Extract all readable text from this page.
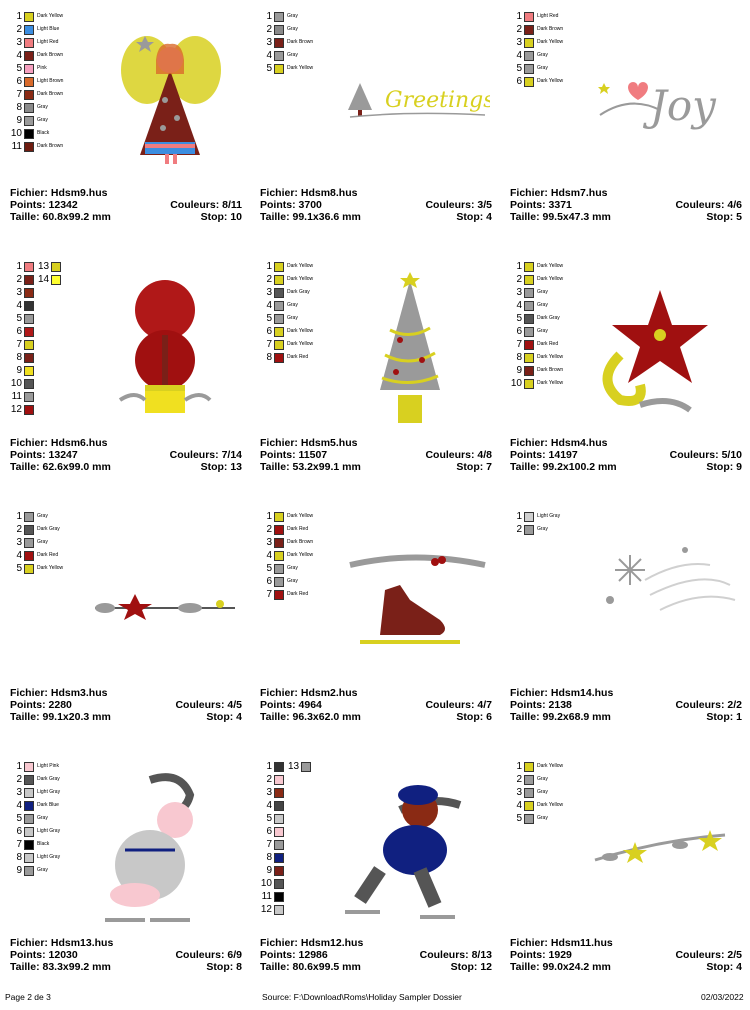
1	Dark Yellow
2	Light Blue
3	Light Red
4	Dark Brown
5	Pink
6	Light Brown
7	Dark Brown
8	Gray
9	Gray
10	Black
11	Dark Brown
Fichier: Hdsm9.hus
Points: 12342	Couleurs: 8/11
Taille: 60.8x99.2 mm	Stop: 10
1	Gray
2	Gray
3	Dark Brown
4	Gray
5	Dark Yellow
Greetings
Fichier: Hdsm8.hus
Points: 3700	Couleurs: 3/5
Taille: 99.1x36.6 mm	Stop: 4
1	Light Red
2	Dark Brown
3	Dark Yellow
4	Gray
5	Gray
6	Dark Yellow Joy
Fichier: Hdsm7.hus
Points: 3371	Couleurs: 4/6
Taille: 99.5x47.3 mm	Stop: 5
1 13
2 14
3
4
5
6
7
8
9
10
11
12
Fichier: Hdsm6.hus
Points: 13247	Couleurs: 7/14
Taille: 62.6x99.0 mm	Stop: 13
1	Dark Yellow
2	Dark Yellow
3	Dark Gray
4	Gray
5	Gray
6	Dark Yellow
7	Dark Yellow
8	Dark Red
Fichier: Hdsm5.hus
Points: 11507	Couleurs: 4/8
Taille: 53.2x99.1 mm	Stop: 7
1	Dark Yellow
2	Dark Yellow
3	Gray
4	Gray
5	Dark Gray
6	Gray
7	Dark Red
8	Dark Yellow
9	Dark Brown
10	Dark Yellow
Fichier: Hdsm4.hus
Points: 14197	Couleurs: 5/10
Taille: 99.2x100.2 mm	Stop: 9
1	Gray
2	Dark Gray
3	Gray
4	Dark Red
5	Dark Yellow
Fichier: Hdsm3.hus
Points: 2280	Couleurs: 4/5
Taille: 99.1x20.3 mm	Stop: 4
1	Dark Yellow
2	Dark Red
3	Dark Brown
4	Dark Yellow
5	Gray
6	Gray
7	Dark Red
Fichier: Hdsm2.hus
Points: 4964	Couleurs: 4/7
Taille: 96.3x62.0 mm	Stop: 6
1	Light Gray
2	Gray
Fichier: Hdsm14.hus
Points: 2138	Couleurs: 2/2
Taille: 99.2x68.9 mm	Stop: 1
1	Light Pink
2	Dark Gray
3	Light Gray
4	Dark Blue
5	Gray
6	Light Gray
7	Black
8	Light Gray
9	Gray
Fichier: Hdsm13.hus
Points: 12030	Couleurs: 6/9
Taille: 83.3x99.2 mm	Stop: 8
1 13
2
3
4
5
6
7
8
9
10
11
12
Fichier: Hdsm12.hus
Points: 12986	Couleurs: 8/13
Taille: 80.6x99.5 mm	Stop: 12
1	Dark Yellow
2	Gray
3	Gray
4	Dark Yellow
5	Gray
Fichier: Hdsm11.hus
Points: 1929	Couleurs: 2/5
Taille: 99.0x24.2 mm	Stop: 4
Page 2 de 3	Source: F:\Download\Roms\Holiday Sampler Dossier	02/03/2022
